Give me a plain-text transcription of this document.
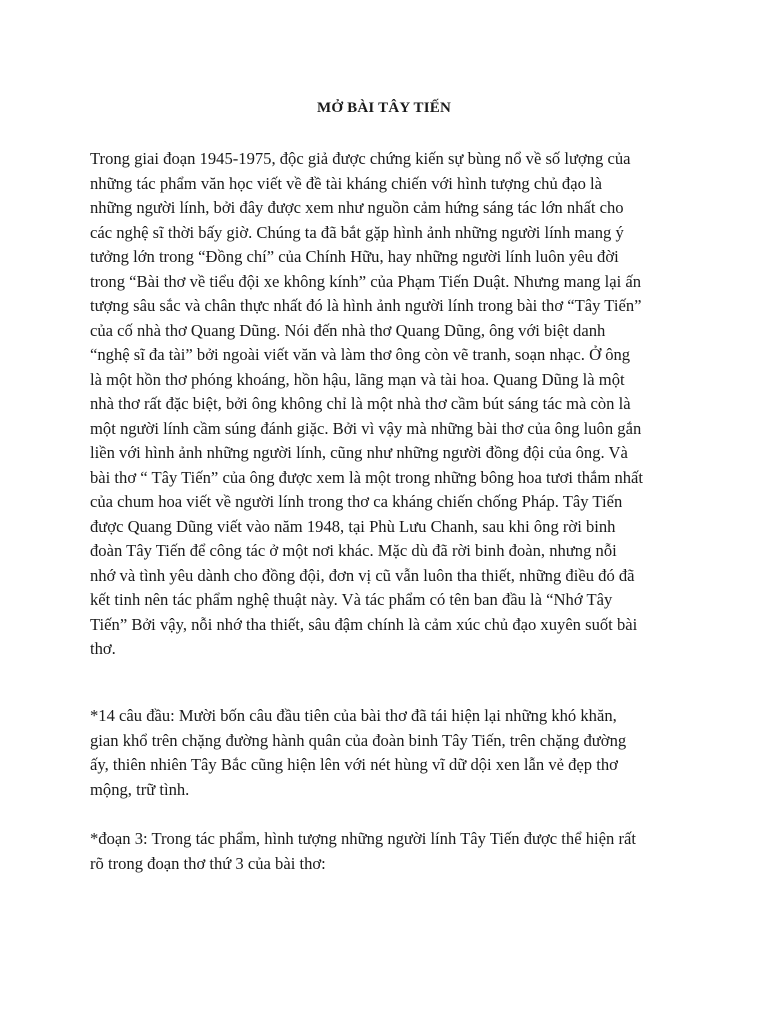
MỞ BÀI TÂY TIẾN
Trong giai đoạn 1945-1975, độc giả được chứng kiến sự bùng nổ về số lượng của
những tác phẩm văn học viết về đề tài kháng chiến với hình tượng chủ đạo là
những người lính, bởi đây được xem như nguồn cảm hứng sáng tác lớn nhất cho
các nghệ sĩ thời bấy giờ. Chúng ta đã bắt gặp hình ảnh những người lính mang ý
tưởng lớn trong “Đồng chí” của Chính Hữu, hay những người lính luôn yêu đời
trong “Bài thơ về tiểu đội xe không kính” của Phạm Tiến Duật. Nhưng mang lại ấn
tượng sâu sắc và chân thực nhất đó là hình ảnh người lính trong bài thơ “Tây Tiến”
của cố nhà thơ Quang Dũng. Nói đến nhà thơ Quang Dũng, ông với biệt danh
“nghệ sĩ đa tài” bởi ngoài viết văn và làm thơ ông còn vẽ tranh, soạn nhạc. Ở ông
là một hồn thơ phóng khoáng, hồn hậu, lãng mạn và tài hoa. Quang Dũng là một
nhà thơ rất đặc biệt, bởi ông không chỉ là một nhà thơ cầm bút sáng tác mà còn là
một người lính cầm súng đánh giặc. Bởi vì vậy mà những bài thơ của ông luôn gắn
liền với hình ảnh những người lính, cũng như những người đồng đội của ông. Và
bài thơ “ Tây Tiến” của ông được xem là một trong những bông hoa tươi thắm nhất
của chum hoa viết về người lính trong thơ ca kháng chiến chống Pháp. Tây Tiến
được Quang Dũng viết vào năm 1948, tại Phù Lưu Chanh, sau khi ông rời binh
đoàn Tây Tiến để công tác ở một nơi khác. Mặc dù đã rời binh đoàn, nhưng nỗi
nhớ và tình yêu dành cho đồng đội, đơn vị cũ vẫn luôn tha thiết, những điều đó đã
kết tinh nên tác phẩm nghệ thuật này. Và tác phẩm có tên ban đầu là “Nhớ Tây
Tiến” Bởi vậy, nỗi nhớ tha thiết, sâu đậm chính là cảm xúc chủ đạo xuyên suốt bài
thơ.
*14 câu đầu: Mười bốn câu đầu tiên của bài thơ đã tái hiện lại những khó khăn,
gian khổ trên chặng đường hành quân của đoàn binh Tây Tiến, trên chặng đường
ấy, thiên nhiên Tây Bắc cũng hiện lên với nét hùng vĩ dữ dội xen lẫn vẻ đẹp thơ
mộng, trữ tình.
*đoạn 3: Trong tác phẩm, hình tượng những người lính Tây Tiến được thể hiện rất
rõ trong đoạn thơ thứ 3 của bài thơ:
